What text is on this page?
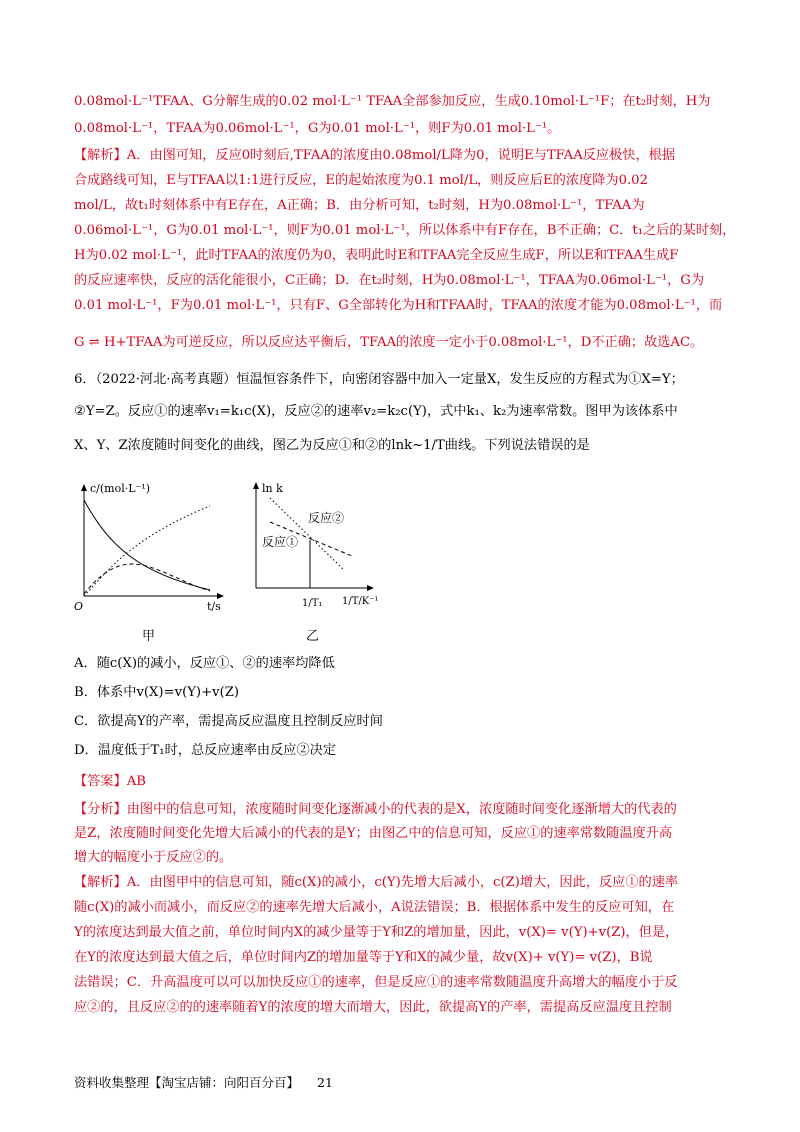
0.08mol·L⁻¹TFAA、G分解生成的0.02 mol·L⁻¹ TFAA全部参加反应，生成0.10mol·L⁻¹F；在t₂时刻，H为
0.08mol·L⁻¹，TFAA为0.06mol·L⁻¹，G为0.01 mol·L⁻¹，则F为0.01 mol·L⁻¹。
【解析】A．由图可知，反应0时刻后,TFAA的浓度由0.08mol/L降为0，说明E与TFAA反应极快，根据
合成路线可知，E与TFAA以1:1进行反应，E的起始浓度为0.1 mol/L，则反应后E的浓度降为0.02
mol/L，故t₁时刻体系中有E存在，A正确；B．由分析可知，t₂时刻，H为0.08mol·L⁻¹，TFAA为
0.06mol·L⁻¹，G为0.01 mol·L⁻¹，则F为0.01 mol·L⁻¹，所以体系中有F存在，B不正确；C．t₁之后的某时刻，
H为0.02 mol·L⁻¹，此时TFAA的浓度仍为0，表明此时E和TFAA完全反应生成F，所以E和TFAA生成F
的反应速率快，反应的活化能很小，C正确；D．在t₂时刻，H为0.08mol·L⁻¹，TFAA为0.06mol·L⁻¹，G为
0.01 mol·L⁻¹，F为0.01 mol·L⁻¹，只有F、G全部转化为H和TFAA时，TFAA的浓度才能为0.08mol·L⁻¹，而
G ⇌ H+TFAA为可逆反应，所以反应达平衡后，TFAA的浓度一定小于0.08mol·L⁻¹，D不正确；故选AC。
6．（2022·河北·高考真题）恒温恒容条件下，向密闭容器中加入一定量X，发生反应的方程式为①X=Y；
②Y=Z。反应①的速率v₁=k₁c(X)，反应②的速率v₂=k₂c(Y)，式中k₁、k₂为速率常数。图甲为该体系中
X、Y、Z浓度随时间变化的曲线，图乙为反应①和②的lnk~1/T曲线。下列说法错误的是
c/(mol·L⁻¹)
t/s
O
甲
ln k
反应②
反应①
1/T₁ 1/T/K⁻¹
乙
A．随c(X)的减小，反应①、②的速率均降低
B．体系中v(X)=v(Y)+v(Z)
C．欲提高Y的产率，需提高反应温度且控制反应时间
D．温度低于T₁时，总反应速率由反应②决定
【答案】AB
【分析】由图中的信息可知，浓度随时间变化逐渐减小的代表的是X，浓度随时间变化逐渐增大的代表的
是Z，浓度随时间变化先增大后减小的代表的是Y；由图乙中的信息可知，反应①的速率常数随温度升高
增大的幅度小于反应②的。
【解析】A．由图甲中的信息可知，随c(X)的减小，c(Y)先增大后减小，c(Z)增大，因此，反应①的速率
随c(X)的减小而减小，而反应②的速率先增大后减小，A说法错误；B．根据体系中发生的反应可知，在
Y的浓度达到最大值之前，单位时间内X的减少量等于Y和Z的增加量，因此，v(X)= v(Y)+v(Z)，但是，
在Y的浓度达到最大值之后，单位时间内Z的增加量等于Y和X的减少量，故v(X)+ v(Y)= v(Z)，B说
法错误；C．升高温度可以可以加快反应①的速率，但是反应①的速率常数随温度升高增大的幅度小于反
应②的，且反应②的的速率随着Y的浓度的增大而增大，因此，欲提高Y的产率，需提高反应温度且控制
资料收集整理【淘宝店铺：向阳百分百】 21
